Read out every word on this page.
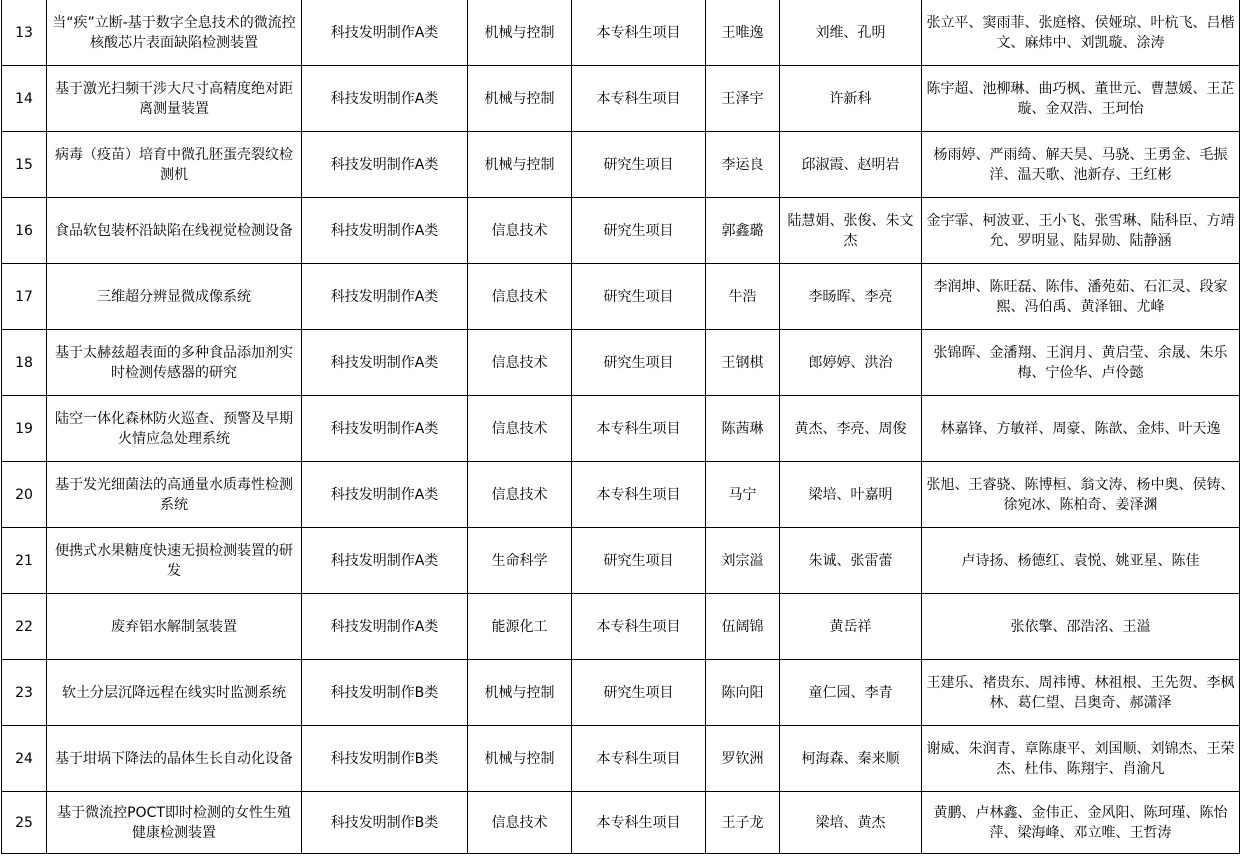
13	当“疾”立断-基于数字全息技术的微流控核酸芯片表面缺陷检测装置	科技发明制作A类	机械与控制	本专科生项目	王唯逸	刘维、孔明	张立平、窦雨菲、张庭榕、侯娅琼、叶杭飞、吕楷文、麻炜中、刘凯璇、涂涛
14	基于激光扫频干涉大尺寸高精度绝对距离测量装置	科技发明制作A类	机械与控制	本专科生项目	王泽宇	许新科	陈宇超、池柳琳、曲巧枫、董世元、曹慧媛、王芷璇、金双浩、王珂怡
15	病毒（疫苗）培育中微孔胚蛋壳裂纹检测机	科技发明制作A类	机械与控制	研究生项目	李运良	邱淑霞、赵明岩	杨雨婷、严雨绮、解天昊、马骁、王勇金、毛振洋、温天歌、池新存、王红彬
16	食品软包装杯沿缺陷在线视觉检测设备	科技发明制作A类	信息技术	研究生项目	郭鑫璐	陆慧娟、张俊、朱文杰	金宇霏、柯波亚、王小飞、张雪琳、陆科臣、方靖允、罗明显、陆昇勋、陆静涵
17	三维超分辨显微成像系统	科技发明制作A类	信息技术	研究生项目	牛浩	李旸晖、李亮	李润坤、陈旺磊、陈伟、潘苑茹、石汇灵、段家熙、冯伯禹、黄泽钿、尤峰
18	基于太赫兹超表面的多种食品添加剂实时检测传感器的研究	科技发明制作A类	信息技术	研究生项目	王钢棋	郎婷婷、洪治	张锦晖、金潘翔、王润月、黄启莹、余晟、朱乐梅、宁俭华、卢伶懿
19	陆空一体化森林防火巡查、预警及早期火情应急处理系统	科技发明制作A类	信息技术	本专科生项目	陈茜琳	黄杰、李亮、周俊	林嘉锋、方敏祥、周豪、陈歆、金炜、叶天逸
20	基于发光细菌法的高通量水质毒性检测系统	科技发明制作A类	信息技术	本专科生项目	马宁	梁培、叶嘉明	张旭、王睿骁、陈博桓、翁文涛、杨中奥、侯铸、徐宛冰、陈柏奇、姜泽渊
21	便携式水果糖度快速无损检测装置的研发	科技发明制作A类	生命科学	研究生项目	刘宗溢	朱诚、张雷蕾	卢诗扬、杨德红、袁悦、姚亚星、陈佳
22	废弃铝水解制氢装置	科技发明制作A类	能源化工	本专科生项目	伍阔锦	黄岳祥	张依擎、邵浩洺、王溢
23	软土分层沉降远程在线实时监测系统	科技发明制作B类	机械与控制	研究生项目	陈向阳	童仁园、李青	王建乐、褚贵东、周祎博、林祖根、王先贺、李枫林、葛仁望、吕奥奇、郝潇泽
24	基于坩埚下降法的晶体生长自动化设备	科技发明制作B类	机械与控制	本专科生项目	罗钦洲	柯海森、秦来顺	谢威、朱润青、章陈康平、刘国顺、刘锦杰、王荣杰、杜伟、陈翔宇、肖渝凡
25	基于微流控POCT即时检测的女性生殖健康检测装置	科技发明制作B类	信息技术	本专科生项目	王子龙	梁培、黄杰	黄鹏、卢林鑫、金伟正、金风阳、陈珂瑾、陈怡萍、梁海峰、邓立唯、王哲涛
